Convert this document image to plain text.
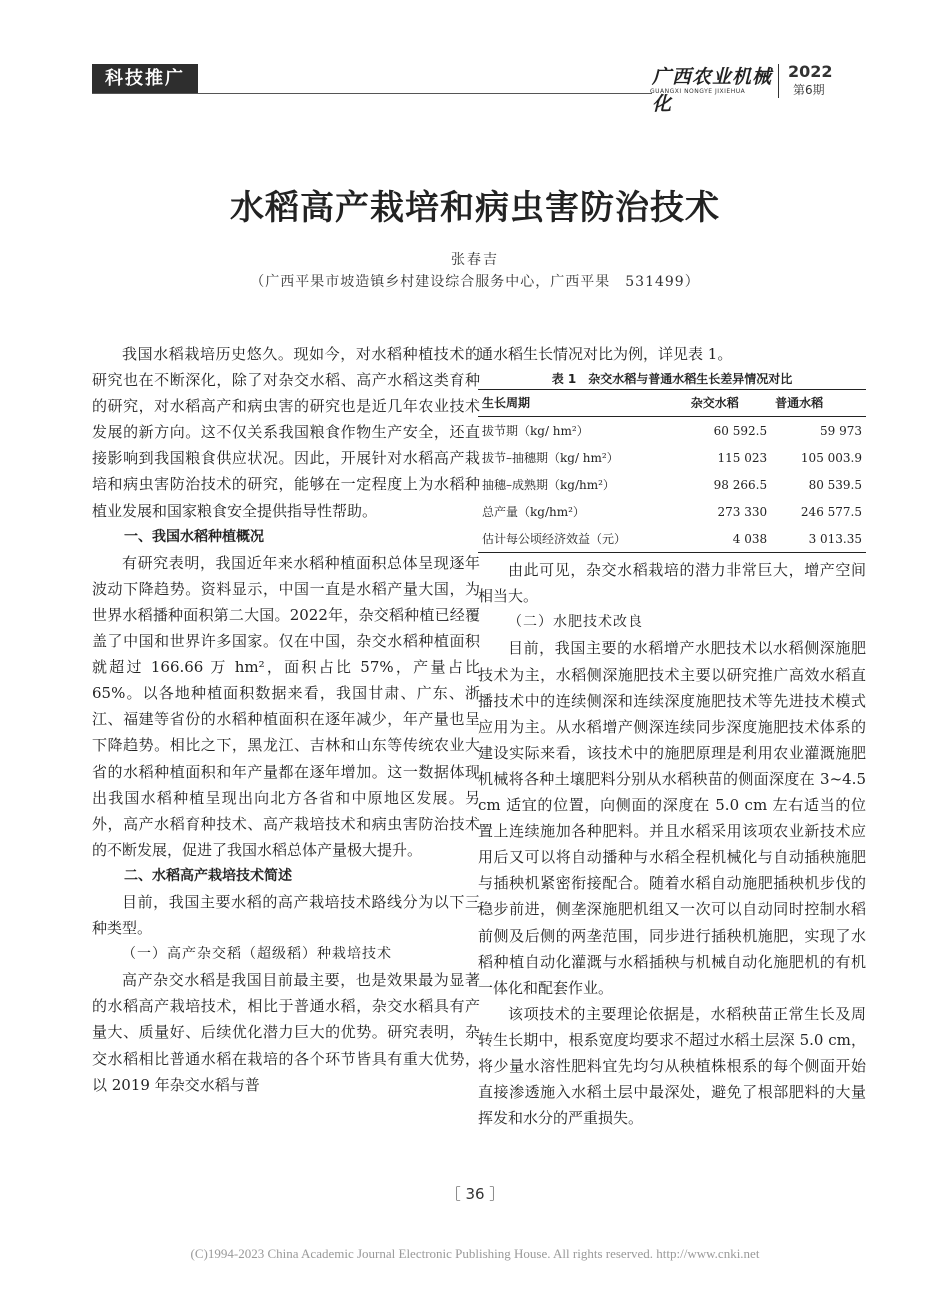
科技推广	广西农业机械化
GUANGXI NONGYE JIXIEHUA
2022
第6期
水稻高产栽培和病虫害防治技术
张春吉
（广西平果市坡造镇乡村建设综合服务中心，广西平果　531499）

我国水稻栽培历史悠久。现如今，对水稻种植技术的研究也在不断深化，除了对杂交水稻、高产水稻这类育种的研究，对水稻高产和病虫害的研究也是近几年农业技术发展的新方向。这不仅关系我国粮食作物生产安全，还直接影响到我国粮食供应状况。因此，开展针对水稻高产栽培和病虫害防治技术的研究，能够在一定程度上为水稻种植业发展和国家粮食安全提供指导性帮助。

一、我国水稻种植概况

有研究表明，我国近年来水稻种植面积总体呈现逐年波动下降趋势。资料显示，中国一直是水稻产量大国，为世界水稻播种面积第二大国。2022年，杂交稻种植已经覆盖了中国和世界许多国家。仅在中国，杂交水稻种植面积就超过 166.66 万 hm²，面积占比 57%，产量占比 65%。以各地种植面积数据来看，我国甘肃、广东、浙江、福建等省份的水稻种植面积在逐年减少，年产量也呈下降趋势。相比之下，黑龙江、吉林和山东等传统农业大省的水稻种植面积和年产量都在逐年增加。这一数据体现出我国水稻种植呈现出向北方各省和中原地区发展。另外，高产水稻育种技术、高产栽培技术和病虫害防治技术的不断发展，促进了我国水稻总体产量极大提升。

二、水稻高产栽培技术简述

目前，我国主要水稻的高产栽培技术路线分为以下三种类型。

（一）高产杂交稻（超级稻）种栽培技术

高产杂交水稻是我国目前最主要，也是效果最为显著的水稻高产栽培技术，相比于普通水稻，杂交水稻具有产量大、质量好、后续优化潜力巨大的优势。研究表明，杂交水稻相比普通水稻在栽培的各个环节皆具有重大优势，以 2019 年杂交水稻与普

通水稻生长情况对比为例，详见表 1。

表 1　杂交水稻与普通水稻生长差异情况对比
生长周期	杂交水稻	普通水稻
拔节期（kg/ hm²）	60 592.5	59 973
拔节–抽穗期（kg/ hm²）	115 023	105 003.9
抽穗–成熟期（kg/hm²）	98 266.5	80 539.5
总产量（kg/hm²）	273 330	246 577.5
估计每公顷经济效益（元）	4 038	3 013.35

由此可见，杂交水稻栽培的潜力非常巨大，增产空间相当大。

（二）水肥技术改良

目前，我国主要的水稻增产水肥技术以水稻侧深施肥技术为主，水稻侧深施肥技术主要以研究推广高效水稻直播技术中的连续侧深和连续深度施肥技术等先进技术模式应用为主。从水稻增产侧深连续同步深度施肥技术体系的建设实际来看，该技术中的施肥原理是利用农业灌溉施肥机械将各种土壤肥料分别从水稻秧苗的侧面深度在 3~4.5 cm 适宜的位置，向侧面的深度在 5.0 cm 左右适当的位置上连续施加各种肥料。并且水稻采用该项农业新技术应用后又可以将自动播种与水稻全程机械化与自动插秧施肥与插秧机紧密衔接配合。随着水稻自动施肥插秧机步伐的稳步前进，侧垄深施肥机组又一次可以自动同时控制水稻前侧及后侧的两垄范围，同步进行插秧机施肥，实现了水稻种植自动化灌溉与水稻插秧与机械自动化施肥机的有机一体化和配套作业。

该项技术的主要理论依据是，水稻秧苗正常生长及周转生长期中，根系宽度均要求不超过水稻土层深 5.0 cm，将少量水溶性肥料宜先均匀从秧植株根系的每个侧面开始直接渗透施入水稻土层中最深处，避免了根部肥料的大量挥发和水分的严重损失。

［ 36 ］
(C)1994-2023 China Academic Journal Electronic Publishing House. All rights reserved. http://www.cnki.net
